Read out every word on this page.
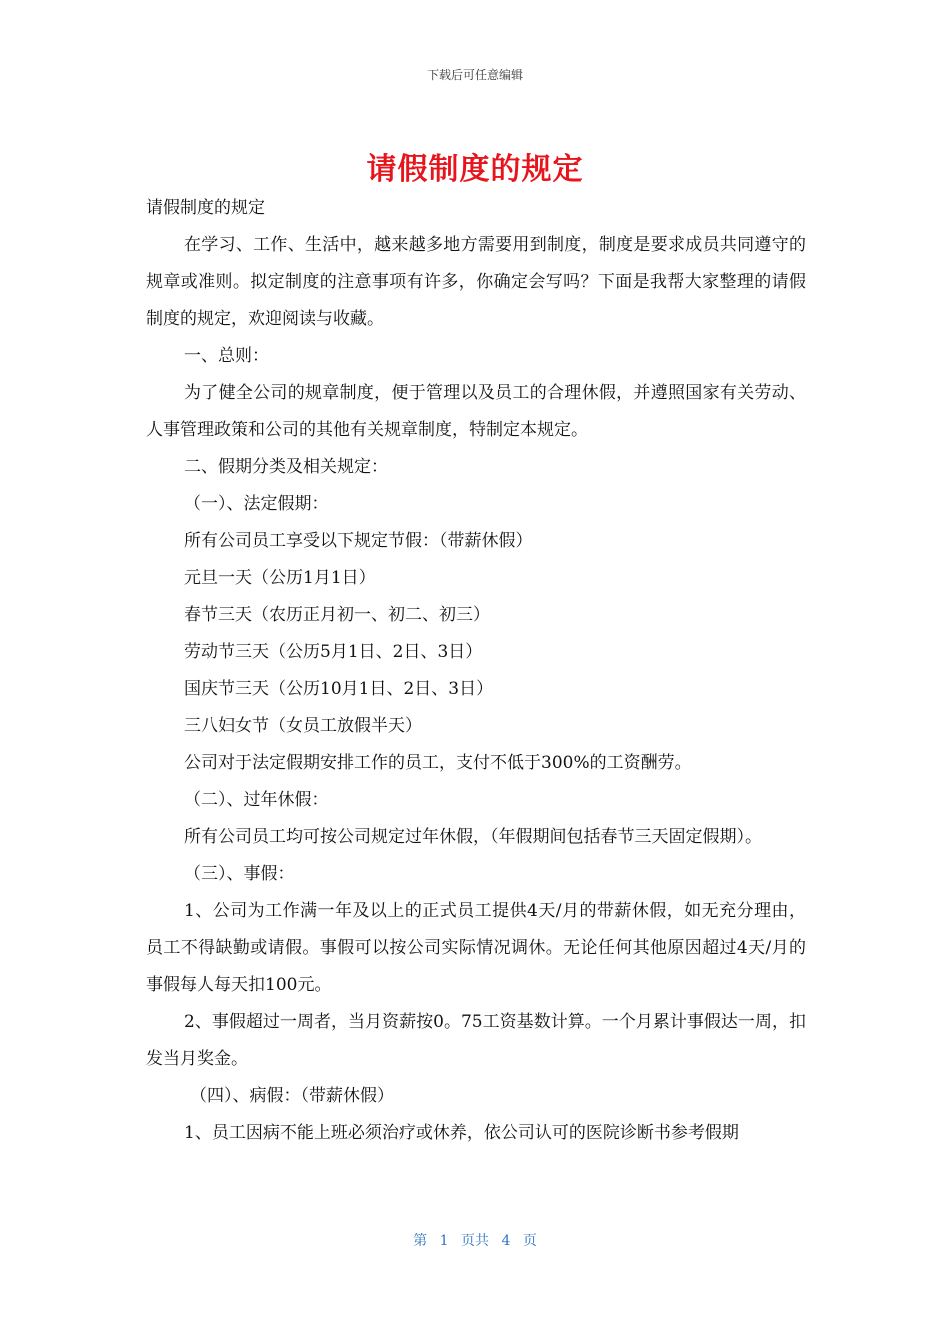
下载后可任意编辑
请假制度的规定

请假制度的规定

在学习、工作、生活中，越来越多地方需要用到制度，制度是要求成员共同遵守的规章或准则。拟定制度的注意事项有许多，你确定会写吗？下面是我帮大家整理的请假制度的规定，欢迎阅读与收藏。

一、总则：

为了健全公司的规章制度，便于管理以及员工的合理休假，并遵照国家有关劳动、人事管理政策和公司的其他有关规章制度，特制定本规定。

二、假期分类及相关规定：

（一）、法定假期：

所有公司员工享受以下规定节假：（带薪休假）

元旦一天（公历1月1日）

春节三天（农历正月初一、初二、初三）

劳动节三天（公历5月1日、2日、3日）

国庆节三天（公历10月1日、2日、3日）

三八妇女节（女员工放假半天）

公司对于法定假期安排工作的员工，支付不低于300%的工资酬劳。

（二）、过年休假：

所有公司员工均可按公司规定过年休假，（年假期间包括春节三天固定假期）。

（三）、事假：

1、公司为工作满一年及以上的正式员工提供4天/月的带薪休假，如无充分理由，员工不得缺勤或请假。事假可以按公司实际情况调休。无论任何其他原因超过4天/月的事假每人每天扣100元。

2、事假超过一周者，当月资薪按0。75工资基数计算。一个月累计事假达一周，扣发当月奖金。

（四）、病假：（带薪休假）

1、员工因病不能上班必须治疗或休养，依公司认可的医院诊断书参考假期

第 1 页共 4 页
